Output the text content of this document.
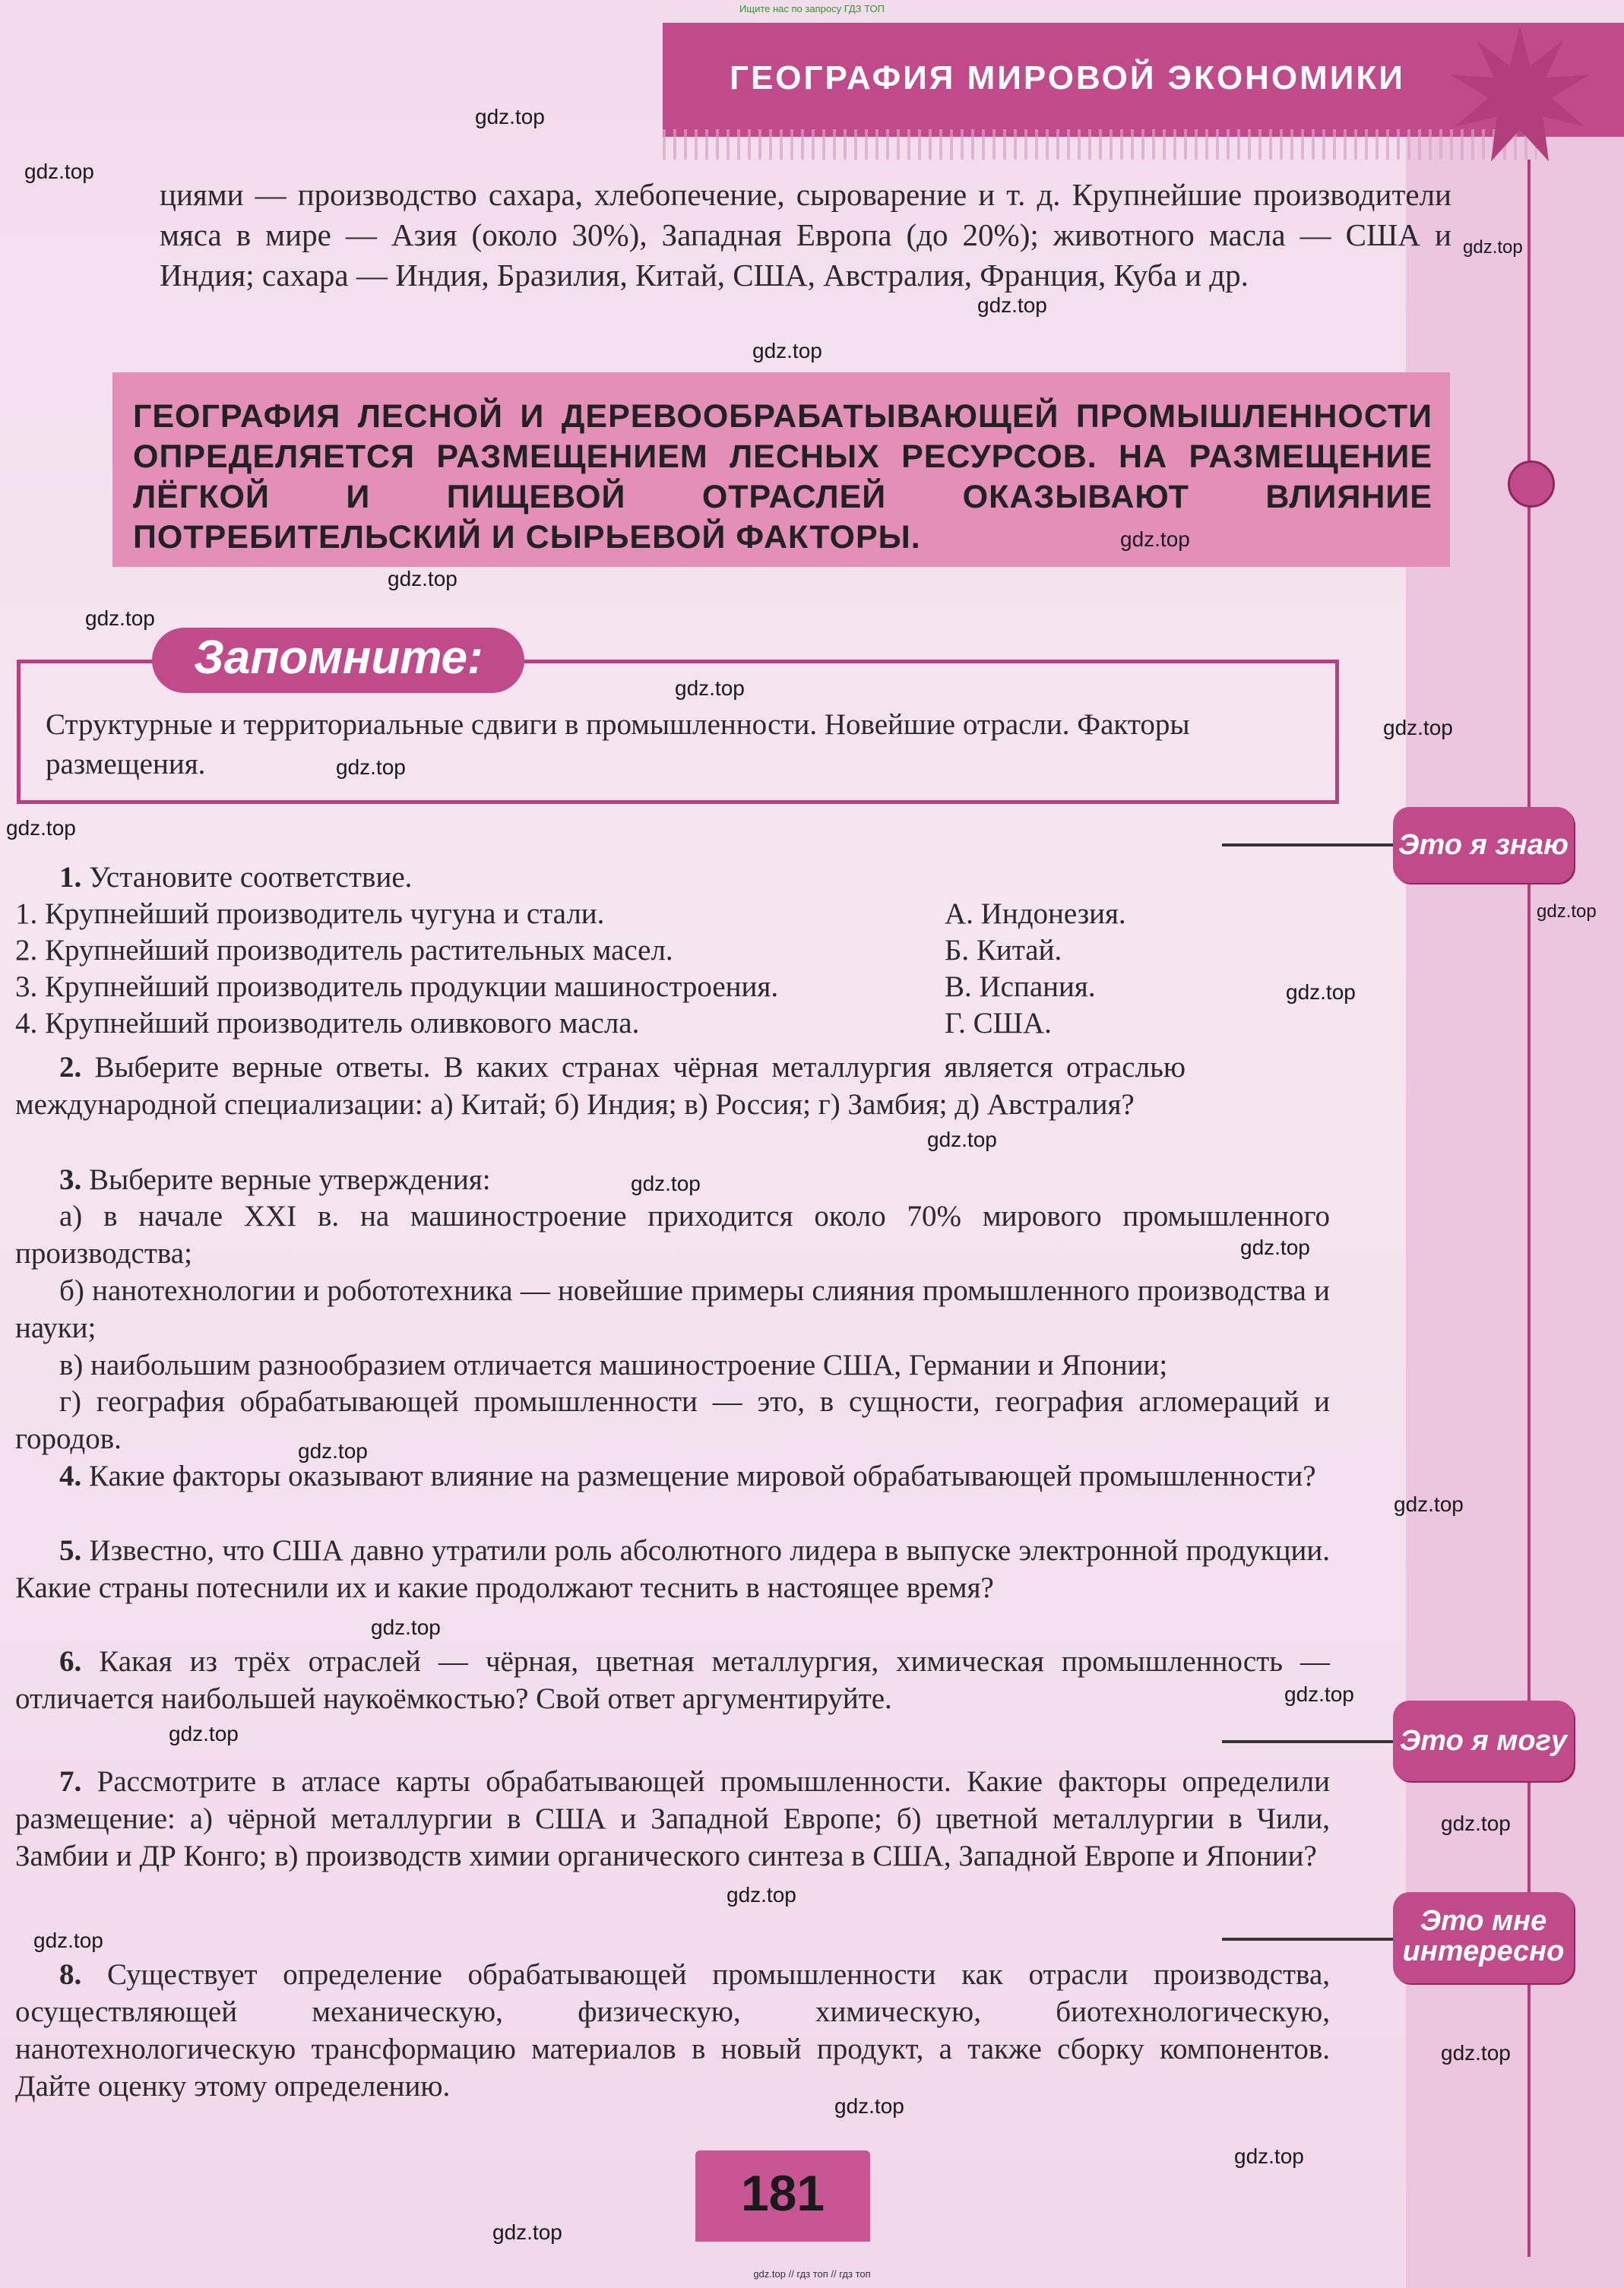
Ищите нас по запросу ГДЗ ТОП
ГЕОГРАФИЯ МИРОВОЙ ЭКОНОМИКИ
циями — производство сахара, хлебопечение, сыроварение и т. д. Крупнейшие производители мяса в мире — Азия (около 30%), Западная Европа (до 20%); животного масла — США и Индия; сахара — Индия, Бразилия, Китай, США, Австралия, Франция, Куба и др.
ГЕОГРАФИЯ ЛЕСНОЙ И ДЕРЕВООБРАБАТЫВАЮЩЕЙ ПРОМЫШЛЕННОСТИ ОПРЕДЕЛЯЕТСЯ РАЗМЕЩЕНИЕМ ЛЕСНЫХ РЕСУРСОВ. НА РАЗМЕЩЕНИЕ ЛЁГКОЙ И ПИЩЕВОЙ ОТРАСЛЕЙ ОКАЗЫВАЮТ ВЛИЯНИЕ ПОТРЕБИТЕЛЬСКИЙ И СЫРЬЕВОЙ ФАКТОРЫ.
Запомните:
Структурные и территориальные сдвиги в промышленности. Новейшие отрасли. Факторы размещения.
Это я знаю
Это я могу
Это мне
интересно
1. Установите соответствие.
1. Крупнейший производитель чугуна и стали.
2. Крупнейший производитель растительных масел.
3. Крупнейший производитель продукции машиностроения.
4. Крупнейший производитель оливкового масла.
А. Индонезия.
Б. Китай.
В. Испания.
Г. США.
2. Выберите верные ответы. В каких странах чёрная металлургия является отраслью международной специализации: а) Китай; б) Индия; в) Россия; г) Замбия; д) Австралия?
3. Выберите верные утверждения:
а) в начале XXI в. на машиностроение приходится около 70% мирового промышленного производства;
б) нанотехнологии и робототехника — новейшие примеры слияния промышленного производства и науки;
в) наибольшим разнообразием отличается машиностроение США, Германии и Японии;
г) география обрабатывающей промышленности — это, в сущности, география агломераций и городов.
4. Какие факторы оказывают влияние на размещение мировой обрабатывающей промышленности?
5. Известно, что США давно утратили роль абсолютного лидера в выпуске электронной продукции. Какие страны потеснили их и какие продолжают теснить в настоящее время?
6. Какая из трёх отраслей — чёрная, цветная металлургия, химическая промышленность — отличается наибольшей наукоёмкостью? Свой ответ аргументируйте.
7. Рассмотрите в атласе карты обрабатывающей промышленности. Какие факторы определили размещение: а) чёрной металлургии в США и Западной Европе; б) цветной металлургии в Чили, Замбии и ДР Конго; в) производств химии органического синтеза в США, Западной Европе и Японии?
8. Существует определение обрабатывающей промышленности как отрасли производства, осуществляющей механическую, физическую, химическую, биотехнологическую, нанотехнологическую трансформацию материалов в новый продукт, а также сборку компонентов. Дайте оценку этому определению.
gdz.top
gdz.top
gdz.top
gdz.top
gdz.top
gdz.top
gdz.top
gdz.top
gdz.top
gdz.top
gdz.top
gdz.top
gdz.top
gdz.top
gdz.top
gdz.top
gdz.top
gdz.top
gdz.top
gdz.top
gdz.top
gdz.top
gdz.top
gdz.top
gdz.top
gdz.top
gdz.top
gdz.top
gdz.top
181
gdz.top // гдз топ // гдз топ
